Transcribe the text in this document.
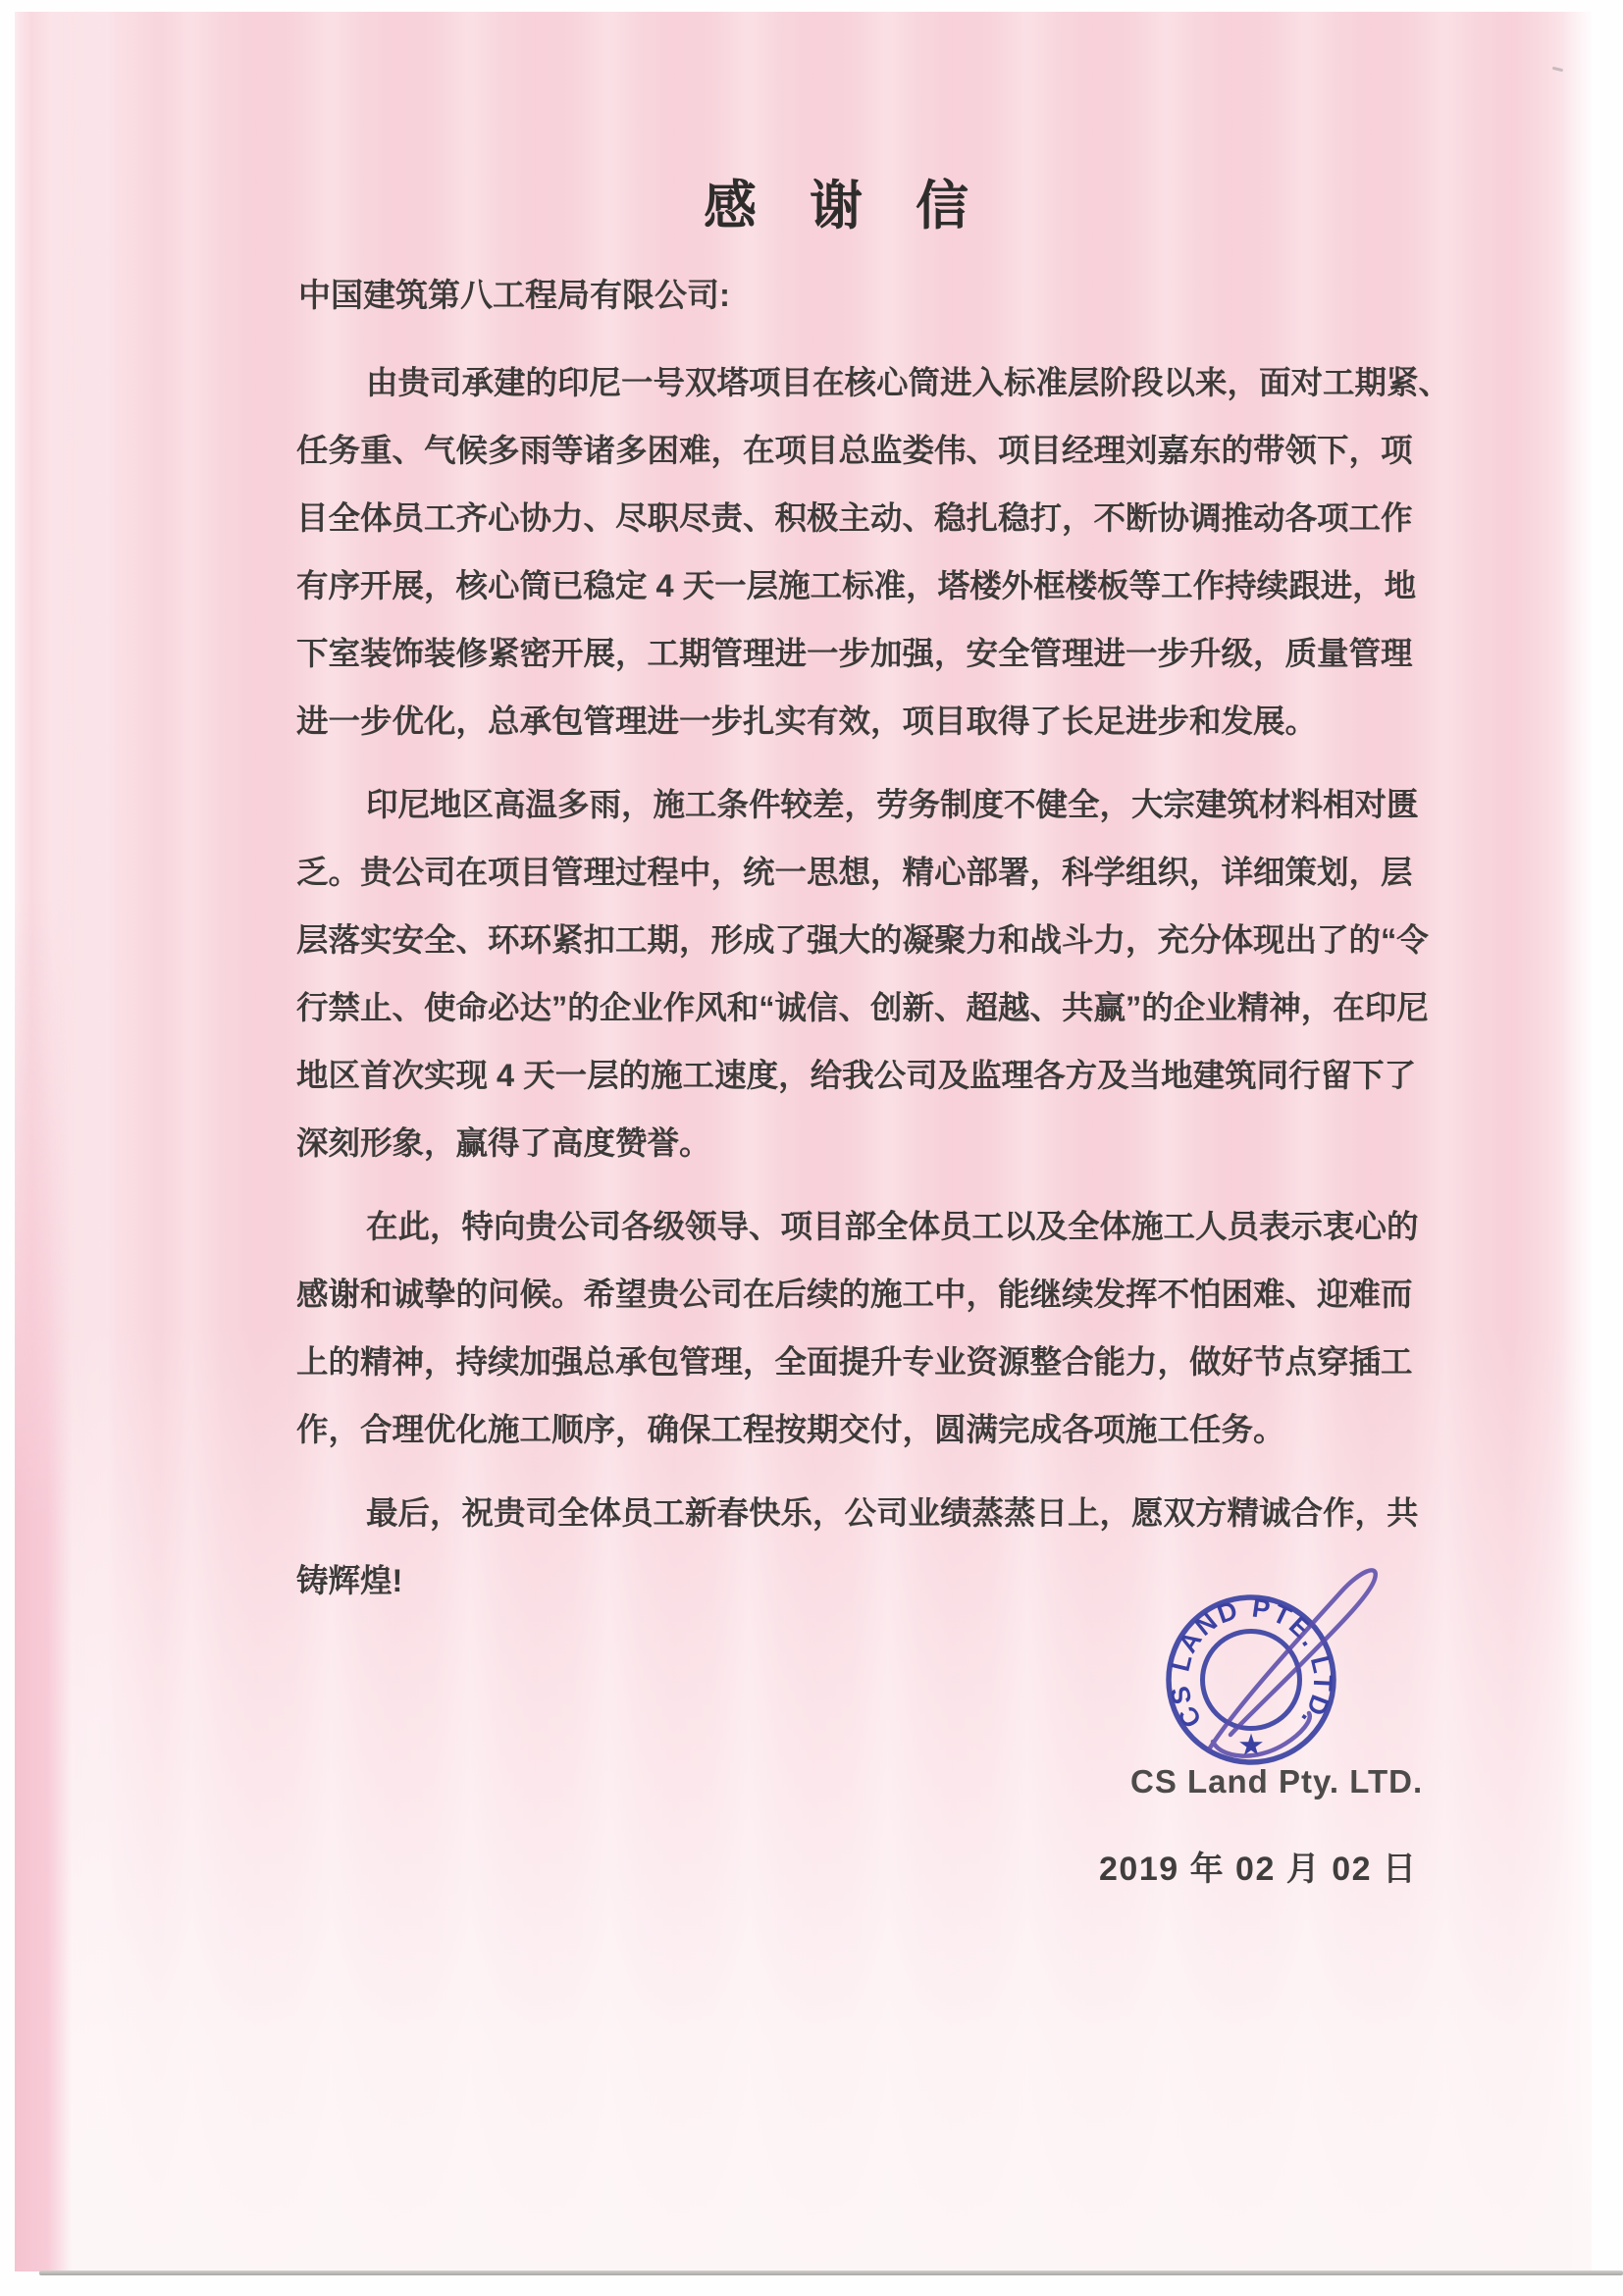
感　谢　信
中国建筑第八工程局有限公司:

由贵司承建的印尼一号双塔项目在核心筒进入标准层阶段以来，面对工期紧、
任务重、气候多雨等诸多困难，在项目总监娄伟、项目经理刘嘉东的带领下，项
目全体员工齐心协力、尽职尽责、积极主动、稳扎稳打，不断协调推动各项工作
有序开展，核心筒已稳定 4 天一层施工标准，塔楼外框楼板等工作持续跟进，地
下室装饰装修紧密开展，工期管理进一步加强，安全管理进一步升级，质量管理
进一步优化，总承包管理进一步扎实有效，项目取得了长足进步和发展。

印尼地区高温多雨，施工条件较差，劳务制度不健全，大宗建筑材料相对匮
乏。贵公司在项目管理过程中，统一思想，精心部署，科学组织，详细策划，层
层落实安全、环环紧扣工期，形成了强大的凝聚力和战斗力，充分体现出了的“令
行禁止、使命必达”的企业作风和“诚信、创新、超越、共赢”的企业精神，在印尼
地区首次实现 4 天一层的施工速度，给我公司及监理各方及当地建筑同行留下了
深刻形象，赢得了高度赞誉。

在此，特向贵公司各级领导、项目部全体员工以及全体施工人员表示衷心的
感谢和诚挚的问候。希望贵公司在后续的施工中，能继续发挥不怕困难、迎难而
上的精神，持续加强总承包管理，全面提升专业资源整合能力，做好节点穿插工
作，合理优化施工顺序，确保工程按期交付，圆满完成各项施工任务。

最后，祝贵司全体员工新春快乐，公司业绩蒸蒸日上，愿双方精诚合作，共
铸辉煌!

CS Land Pty. LTD.
2019 年 02 月 02 日
CS LAND PTE. LTD.
★
